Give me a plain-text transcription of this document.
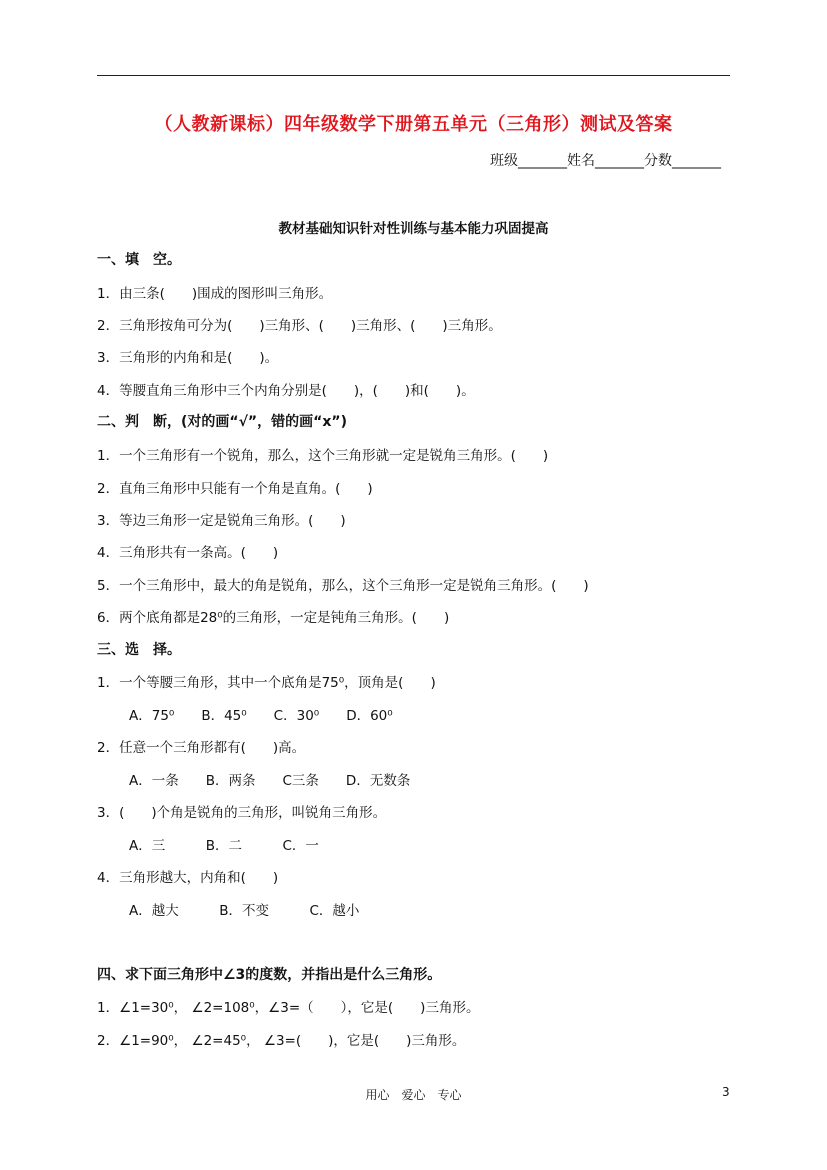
（人教新课标）四年级数学下册第五单元（三角形）测试及答案
班级_______姓名_______分数_______
教材基础知识针对性训练与基本能力巩固提高
一、填　空。
1．由三条(　　)围成的图形叫三角形。
2．三角形按角可分为(　　)三角形、(　　)三角形、(　　)三角形。
3．三角形的内角和是(　　)。
4．等腰直角三角形中三个内角分别是(　　)，(　　)和(　　)。
二、判　断，(对的画“√”，错的画“x”)
1．一个三角形有一个锐角，那么，这个三角形就一定是锐角三角形。(　　)
2．直角三角形中只能有一个角是直角。(　　)
3．等边三角形一定是锐角三角形。(　　)
4．三角形共有一条高。(　　)
5．一个三角形中，最大的角是锐角，那么，这个三角形一定是锐角三角形。(　　)
6．两个底角都是28⁰的三角形，一定是钝角三角形。(　　)
三、选　择。
1．一个等腰三角形，其中一个底角是75⁰，顶角是(　　)
A．75⁰　　B．45⁰　　C．30⁰　　D．60⁰
2．任意一个三角形都有(　　)高。
A．一条　　B．两条　　C三条　　D．无数条
3．(　　)个角是锐角的三角形，叫锐角三角形。
A．三　　　B．二　　　C．一
4．三角形越大，内角和(　　)
A．越大　　　B．不变　　　C．越小
四、求下面三角形中∠3的度数，并指出是什么三角形。
1．∠1=30⁰， ∠2=108⁰，∠3=（　　），它是(　　)三角形。
2．∠1=90⁰， ∠2=45⁰， ∠3=(　　)，它是(　　)三角形。
用心　爱心　专心	3
